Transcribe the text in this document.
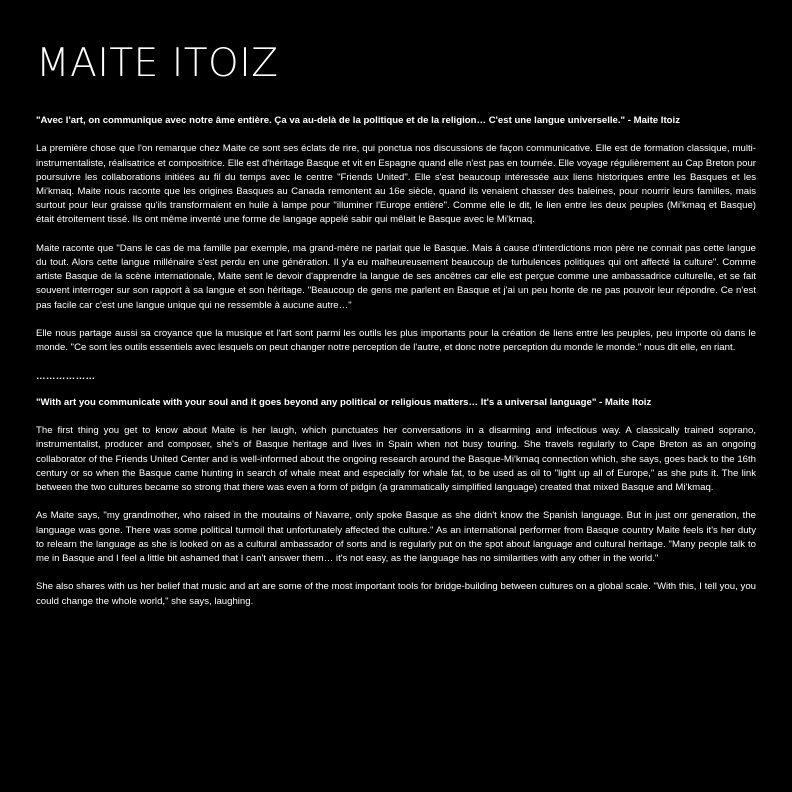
MAITE ITOIZ

"Avec l'art, on communique avec notre âme entière. Ça va au-delà de la politique et de la religion… C'est une langue universelle." - Maite Itoiz

La première chose que l'on remarque chez Maite ce sont ses éclats de rire, qui ponctua nos discussions de façon communicative. Elle est de formation classique, multi-instrumentaliste, réalisatrice et compositrice. Elle est d'héritage Basque et vit en Espagne quand elle n'est pas en tournée. Elle voyage régulièrement au Cap Breton pour poursuivre les collaborations initiées au fil du temps avec le centre "Friends United". Elle s'est beaucoup intéressée aux liens historiques entre les Basques et les Mi'kmaq. Maite nous raconte que les origines Basques au Canada remontent au 16e siècle, quand ils venaient chasser des baleines, pour nourrir leurs familles, mais surtout pour leur graisse qu'ils transformaient en huile à lampe pour "illuminer l'Europe entière". Comme elle le dit, le lien entre les deux peuples (Mi'kmaq et Basque) était étroitement tissé. Ils ont même inventé une forme de langage appelé sabir qui mêlait le Basque avec le Mi'kmaq.

Maite raconte que "Dans le cas de ma famille par exemple, ma grand-mère ne parlait que le Basque. Mais à cause d'interdictions mon père ne connait pas cette langue du tout. Alors cette langue millénaire s'est perdu en une génération. Il y'a eu malheureusement beaucoup de turbulences politiques qui ont affecté la culture". Comme artiste Basque de la scène internationale, Maite sent le devoir d'apprendre la langue de ses ancêtres car elle est perçue comme une ambassadrice culturelle, et se fait souvent interroger sur son rapport à sa langue et son héritage. "Beaucoup de gens me parlent en Basque et j'ai un peu honte de ne pas pouvoir leur répondre. Ce n'est pas facile car c'est une langue unique qui ne ressemble à aucune autre…"

Elle nous partage aussi sa croyance que la musique et l'art sont parmi les outils les plus importants pour la création de liens entre les peuples, peu importe où dans le monde. "Ce sont les outils essentiels avec lesquels on peut changer notre perception de l'autre, et donc notre perception du monde le monde." nous dit elle, en riant.

………………

"With art you communicate with your soul and it goes beyond any political or religious matters… It's a universal language" - Maite Itoiz

The first thing you get to know about Maite is her laugh, which punctuates her conversations in a disarming and infectious way. A classically trained soprano, instrumentalist, producer and composer, she's of Basque heritage and lives in Spain when not busy touring. She travels regularly to Cape Breton as an ongoing collaborator of the Friends United Center and is well-informed about the ongoing research around the Basque-Mi'kmaq connection which, she says, goes back to the 16th century or so when the Basque came hunting in search of whale meat and especially for whale fat, to be used as oil to "light up all of Europe," as she puts it. The link between the two cultures became so strong that there was even a form of pidgin (a grammatically simplified language) created that mixed Basque and Mi'kmaq.

As Maite says, "my grandmother, who raised in the moutains of Navarre, only spoke Basque as she didn't know the Spanish language. But in just onr generation, the language was gone. There was some political turmoil that unfortunately affected the culture." As an international performer from Basque country Maite feels it's her duty to relearn the language as she is looked on as a cultural ambassador of sorts and is regularly put on the spot about language and cultural heritage. "Many people talk to me in Basque and I feel a little bit ashamed that I can't answer them… it's not easy, as the language has no similarities with any other in the world."

She also shares with us her belief that music and art are some of the most important tools for bridge-building between cultures on a global scale. "With this, I tell you, you could change the whole world," she says, laughing.
